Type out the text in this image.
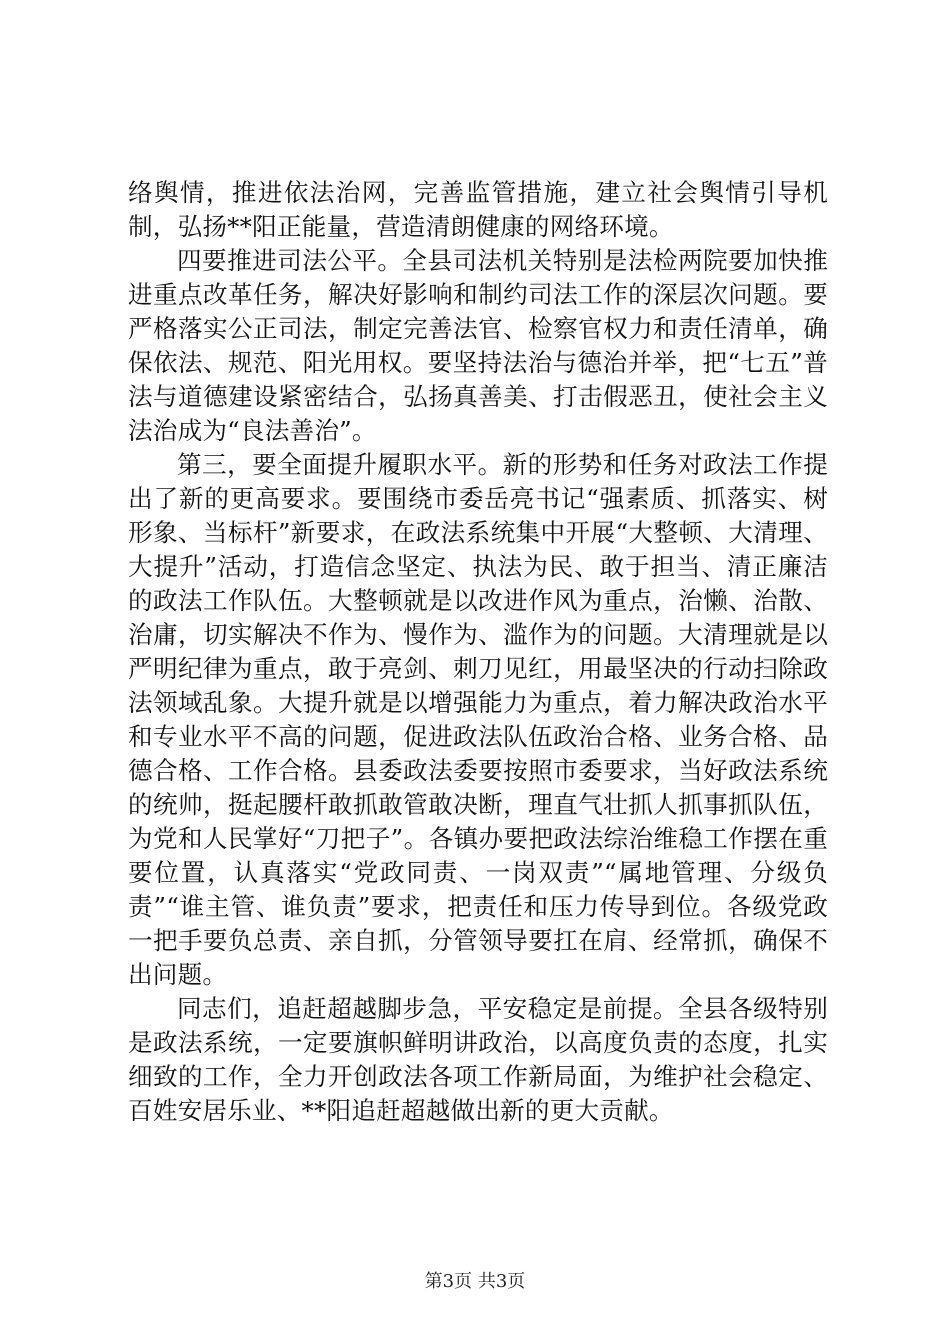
络舆情，推进依法治网，完善监管措施，建立社会舆情引导机制，弘扬**阳正能量，营造清朗健康的网络环境。

四要推进司法公平。全县司法机关特别是法检两院要加快推进重点改革任务，解决好影响和制约司法工作的深层次问题。要严格落实公正司法，制定完善法官、检察官权力和责任清单，确保依法、规范、阳光用权。要坚持法治与德治并举，把“七五”普法与道德建设紧密结合，弘扬真善美、打击假恶丑，使社会主义法治成为“良法善治”。

第三，要全面提升履职水平。新的形势和任务对政法工作提出了新的更高要求。要围绕市委岳亮书记“强素质、抓落实、树形象、当标杆”新要求，在政法系统集中开展“大整顿、大清理、大提升”活动，打造信念坚定、执法为民、敢于担当、清正廉洁的政法工作队伍。大整顿就是以改进作风为重点，治懒、治散、治庸，切实解决不作为、慢作为、滥作为的问题。大清理就是以严明纪律为重点，敢于亮剑、刺刀见红，用最坚决的行动扫除政法领域乱象。大提升就是以增强能力为重点，着力解决政治水平和专业水平不高的问题，促进政法队伍政治合格、业务合格、品德合格、工作合格。县委政法委要按照市委要求，当好政法系统的统帅，挺起腰杆敢抓敢管敢决断，理直气壮抓人抓事抓队伍，为党和人民掌好“刀把子”。各镇办要把政法综治维稳工作摆在重要位置，认真落实“党政同责、一岗双责”“属地管理、分级负责”“谁主管、谁负责”要求，把责任和压力传导到位。各级党政一把手要负总责、亲自抓，分管领导要扛在肩、经常抓，确保不出问题。

同志们，追赶超越脚步急，平安稳定是前提。全县各级特别是政法系统，一定要旗帜鲜明讲政治，以高度负责的态度，扎实细致的工作，全力开创政法各项工作新局面，为维护社会稳定、百姓安居乐业、**阳追赶超越做出新的更大贡献。

第3页 共3页
